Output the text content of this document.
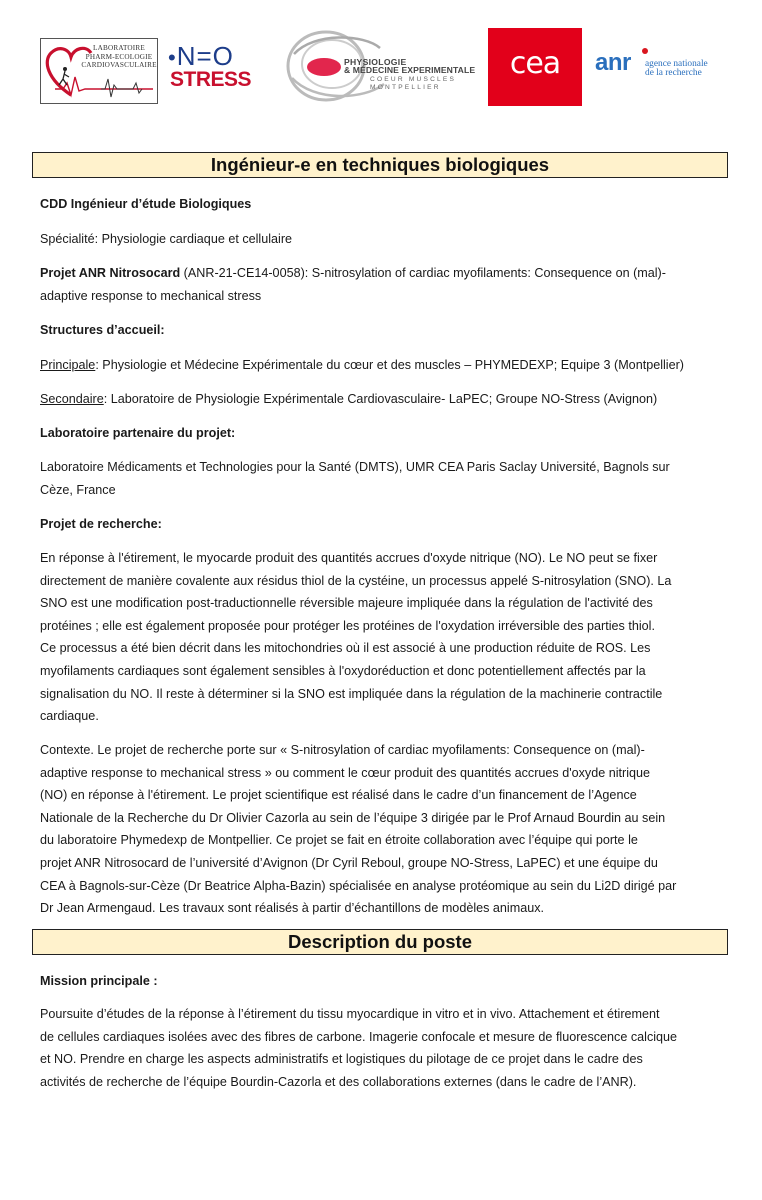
LABORATOIRE
PHARM-ECOLOGIE
CARDIOVASCULAIRE •N=O
STRESS
PHYSIOLOGIE
& MÉDECINE EXPERIMENTALE
COEUR MUSCLES
MONTPELLIER
cea	anr agence nationale
de la recherche
Ingénieur-e en techniques biologiques
CDD Ingénieur d’étude Biologiques
Spécialité: Physiologie cardiaque et cellulaire
Projet ANR Nitrosocard (ANR-21-CE14-0058): S-nitrosylation of cardiac myofilaments: Consequence on (mal)-
adaptive response to mechanical stress
Structures d’accueil:
Principale: Physiologie et Médecine Expérimentale du cœur et des muscles – PHYMEDEXP; Equipe 3 (Montpellier)
Secondaire: Laboratoire de Physiologie Expérimentale Cardiovasculaire- LaPEC; Groupe NO-Stress (Avignon)
Laboratoire partenaire du projet:
Laboratoire Médicaments et Technologies pour la Santé (DMTS), UMR CEA Paris Saclay Université, Bagnols sur
Cèze, France
Projet de recherche:
En réponse à l'étirement, le myocarde produit des quantités accrues d'oxyde nitrique (NO). Le NO peut se fixer
directement de manière covalente aux résidus thiol de la cystéine, un processus appelé S-nitrosylation (SNO). La
SNO est une modification post-traductionnelle réversible majeure impliquée dans la régulation de l'activité des
protéines ; elle est également proposée pour protéger les protéines de l'oxydation irréversible des parties thiol.
Ce processus a été bien décrit dans les mitochondries où il est associé à une production réduite de ROS. Les
myofilaments cardiaques sont également sensibles à l'oxydoréduction et donc potentiellement affectés par la
signalisation du NO. Il reste à déterminer si la SNO est impliquée dans la régulation de la machinerie contractile
cardiaque.
Contexte. Le projet de recherche porte sur « S-nitrosylation of cardiac myofilaments: Consequence on (mal)-
adaptive response to mechanical stress » ou comment le cœur produit des quantités accrues d'oxyde nitrique
(NO) en réponse à l'étirement. Le projet scientifique est réalisé dans le cadre d’un financement de l’Agence
Nationale de la Recherche du Dr Olivier Cazorla au sein de l’équipe 3 dirigée par le Prof Arnaud Bourdin au sein
du laboratoire Phymedexp de Montpellier. Ce projet se fait en étroite collaboration avec l’équipe qui porte le
projet ANR Nitrosocard de l’université d’Avignon (Dr Cyril Reboul, groupe NO-Stress, LaPEC) et une équipe du
CEA à Bagnols-sur-Cèze (Dr Beatrice Alpha-Bazin) spécialisée en analyse protéomique au sein du Li2D dirigé par
Dr Jean Armengaud. Les travaux sont réalisés à partir d’échantillons de modèles animaux.
Description du poste
Mission principale :
Poursuite d’études de la réponse à l’étirement du tissu myocardique in vitro et in vivo. Attachement et étirement
de cellules cardiaques isolées avec des fibres de carbone. Imagerie confocale et mesure de fluorescence calcique
et NO. Prendre en charge les aspects administratifs et logistiques du pilotage de ce projet dans le cadre des
activités de recherche de l’équipe Bourdin-Cazorla et des collaborations externes (dans le cadre de l’ANR).
